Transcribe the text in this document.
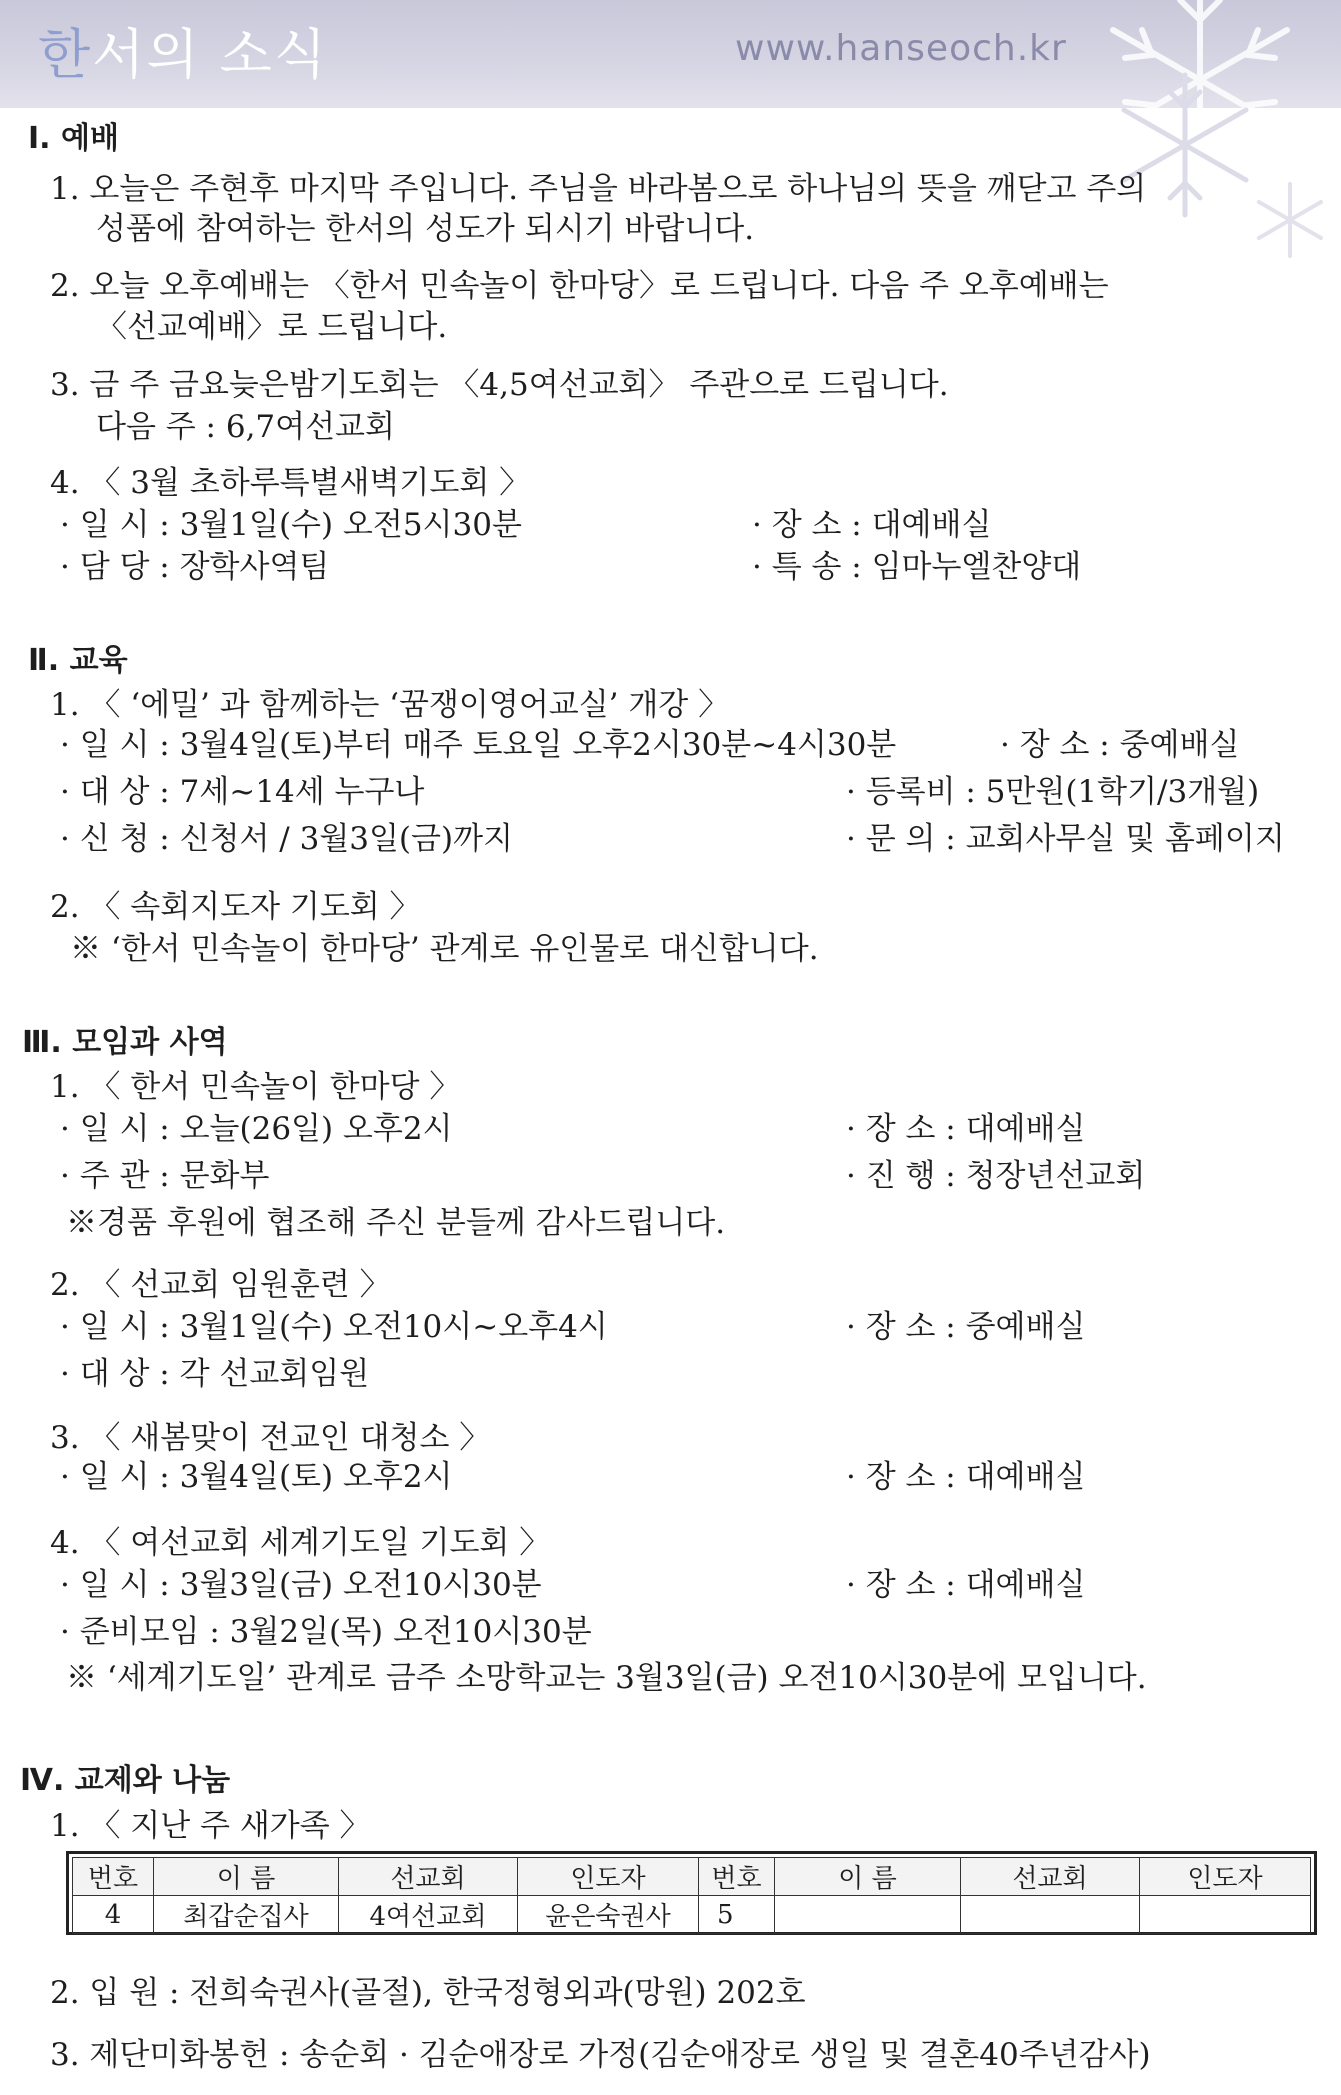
한서의 소식	www.hanseoch.kr
Ⅰ. 예배
1. 오늘은 주현후 마지막 주입니다. 주님을 바라봄으로 하나님의 뜻을 깨닫고 주의
성품에 참여하는 한서의 성도가 되시기 바랍니다.
2. 오늘 오후예배는 〈한서 민속놀이 한마당〉로 드립니다. 다음 주 오후예배는
〈선교예배〉로 드립니다.
3. 금 주 금요늦은밤기도회는 〈4,5여선교회〉 주관으로 드립니다.
다음 주 : 6,7여선교회
4. 〈 3월 초하루특별새벽기도회 〉
· 일 시 : 3월1일(수) 오전5시30분	· 장 소 : 대예배실
· 담 당 : 장학사역팀	· 특 송 : 임마누엘찬양대
Ⅱ. 교육
1. 〈 ‘에밀’ 과 함께하는 ‘꿈쟁이영어교실’ 개강 〉
· 일 시 : 3월4일(토)부터 매주 토요일 오후2시30분~4시30분	· 장 소 : 중예배실
· 대 상 : 7세~14세 누구나	· 등록비 : 5만원(1학기/3개월)
· 신 청 : 신청서 / 3월3일(금)까지	· 문 의 : 교회사무실 및 홈페이지
2. 〈 속회지도자 기도회 〉
※ ‘한서 민속놀이 한마당’ 관계로 유인물로 대신합니다.
Ⅲ. 모임과 사역
1. 〈 한서 민속놀이 한마당 〉
· 일 시 : 오늘(26일) 오후2시	· 장 소 : 대예배실
· 주 관 : 문화부	· 진 행 : 청장년선교회
※경품 후원에 협조해 주신 분들께 감사드립니다.
2. 〈 선교회 임원훈련 〉
· 일 시 : 3월1일(수) 오전10시~오후4시	· 장 소 : 중예배실
· 대 상 : 각 선교회임원
3. 〈 새봄맞이 전교인 대청소 〉
· 일 시 : 3월4일(토) 오후2시	· 장 소 : 대예배실
4. 〈 여선교회 세계기도일 기도회 〉
· 일 시 : 3월3일(금) 오전10시30분	· 장 소 : 대예배실
· 준비모임 : 3월2일(목) 오전10시30분
※ ‘세계기도일’ 관계로 금주 소망학교는 3월3일(금) 오전10시30분에 모입니다.
Ⅳ. 교제와 나눔
1. 〈 지난 주 새가족 〉
번호	이 름	선교회	인도자	번호	이 름	선교회	인도자
4	최갑순집사	4여선교회	윤은숙권사	5			
2. 입 원 : 전희숙권사(골절), 한국정형외과(망원) 202호
3. 제단미화봉헌 : 송순회 · 김순애장로 가정(김순애장로 생일 및 결혼40주년감사)
